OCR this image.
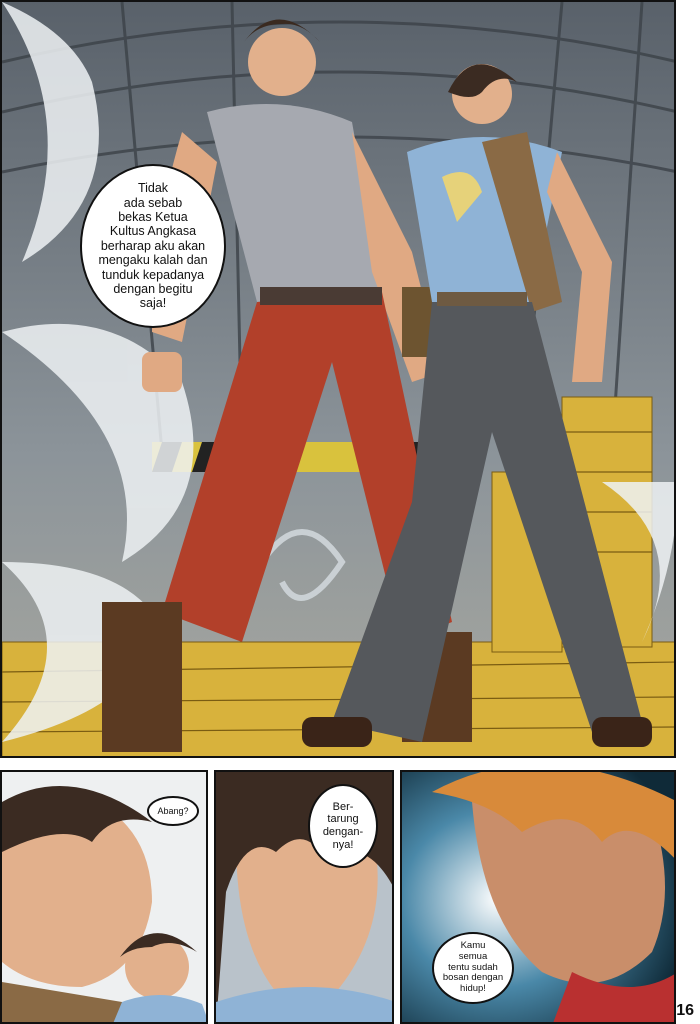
Tidak
ada sebab
bekas Ketua
Kultus Angkasa
berharap aku akan
mengaku kalah dan
tunduk kepadanya
dengan begitu
saja!
Abang?	Ber-
tarung
dengan-
nya!
Kamu
semua
tentu sudah
bosan dengan
hidup!
16
